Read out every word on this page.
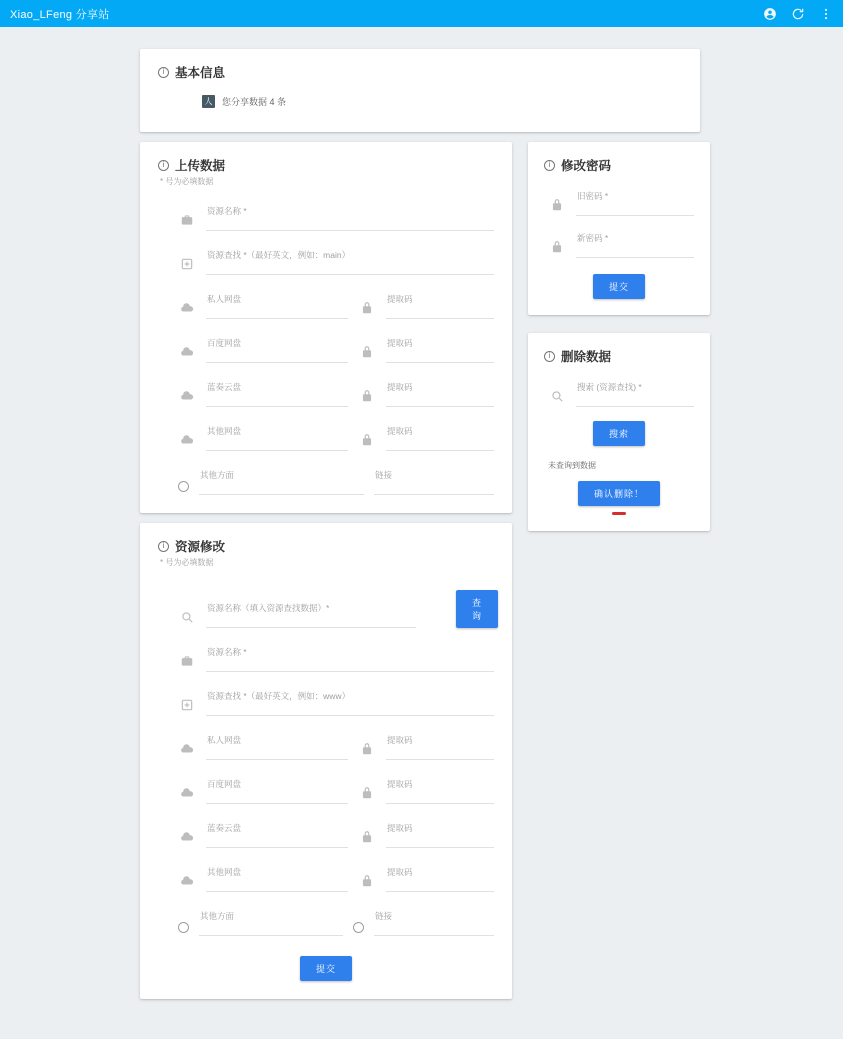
Xiao_LFeng 分享站
i 基本信息
人 您分享数据 4 条
i 上传数据
* 号为必填数据
资源名称 *
资源查找 *（最好英文，例如：main）
私人网盘	提取码
百度网盘	提取码
蓝奏云盘	提取码
其他网盘	提取码
其他方面	链接
i 资源修改
* 号为必填数据
资源名称（填入资源查找数据）*	查询
资源名称 *
资源查找 *（最好英文，例如：www）
私人网盘	提取码
百度网盘	提取码
蓝奏云盘	提取码
其他网盘	提取码
其他方面	链接
提交
i 修改密码
旧密码 *
新密码 *
提交
i 删除数据
搜索 (资源查找) *
搜索
未查询到数据
确认删除！
